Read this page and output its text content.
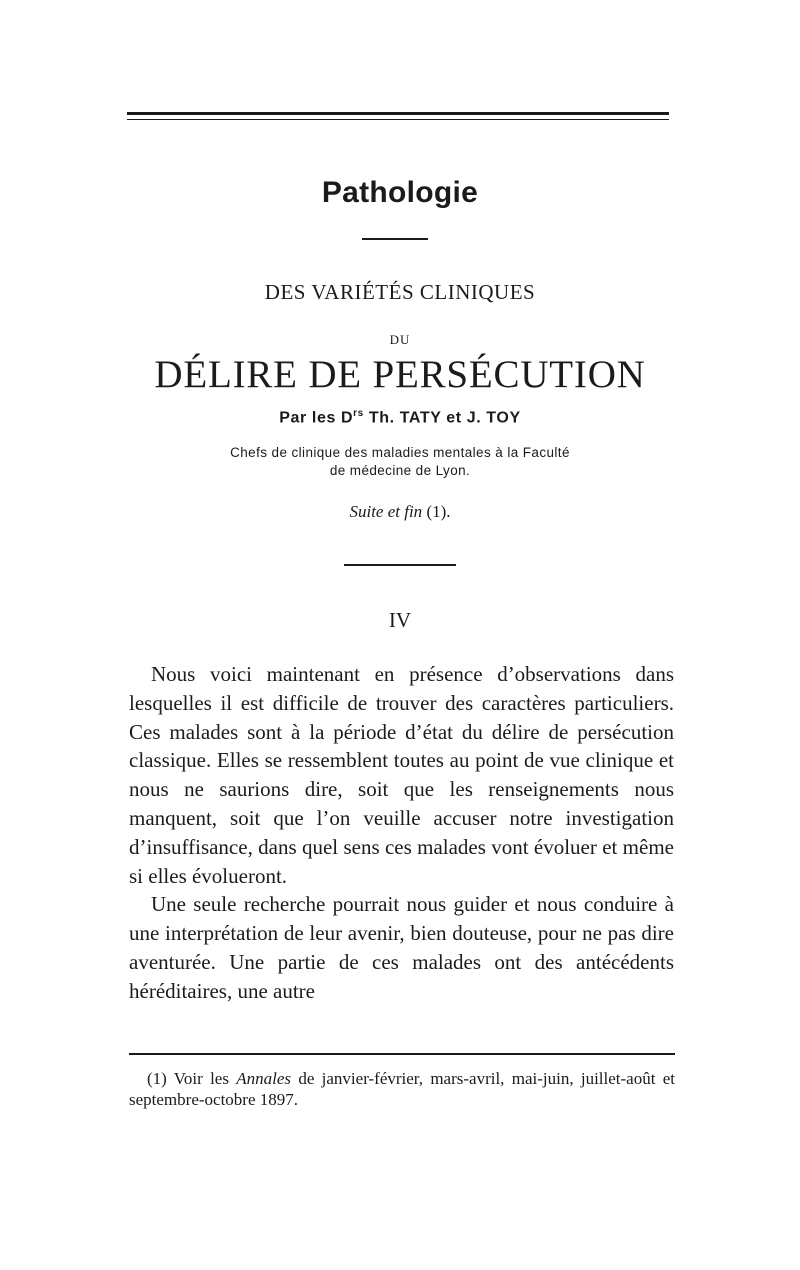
Pathologie
DES VARIÉTÉS CLINIQUES
DU
DÉLIRE DE PERSÉCUTION
Par les $D^{rs}$ Th. TATY et J. TOY
Chefs de clinique des maladies mentales à la Faculté
de médecine de Lyon.
Suite et fin (1).
IV

Nous voici maintenant en présence d’observations dans lesquelles il est difficile de trouver des caractères particuliers. Ces malades sont à la période d’état du délire de persécution classique. Elles se ressemblent toutes au point de vue clinique et nous ne saurions dire, soit que les renseignements nous manquent, soit que l’on veuille accuser notre investigation d’insuffisance, dans quel sens ces malades vont évoluer et même si elles évolueront.

Une seule recherche pourrait nous guider et nous conduire à une interprétation de leur avenir, bien douteuse, pour ne pas dire aventurée. Une partie de ces malades ont des antécédents héréditaires, une autre

(1) Voir les Annales de janvier-février, mars-avril, mai-juin, juillet-août et septembre-octobre 1897.
